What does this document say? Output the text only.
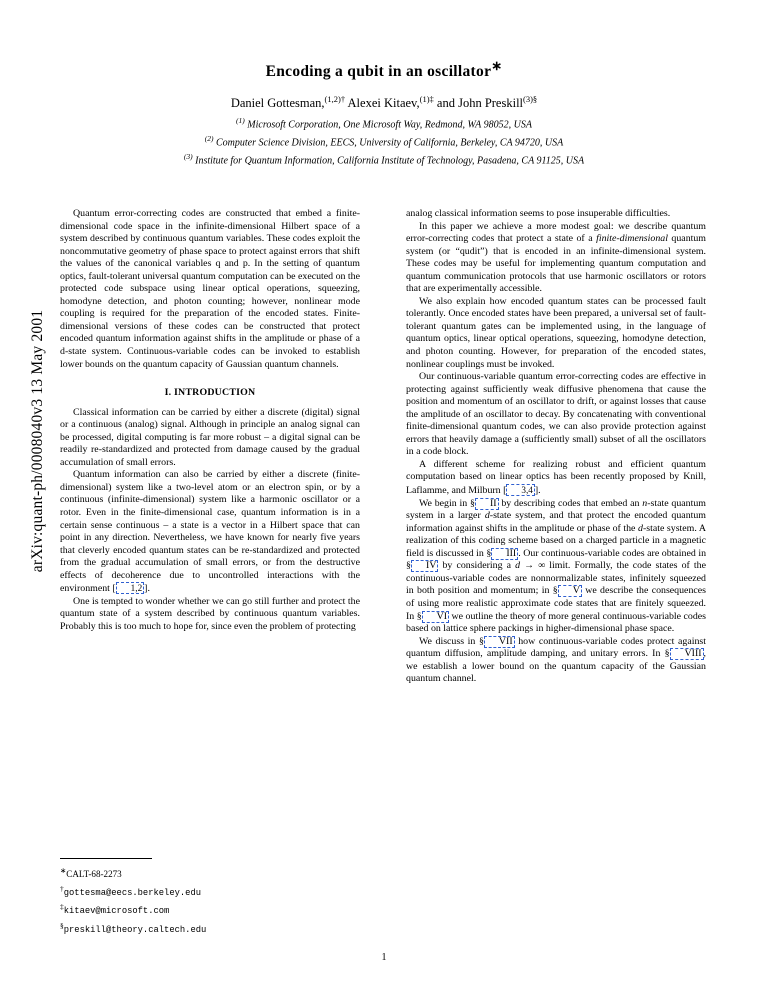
arXiv:quant-ph/0008040v3 13 May 2001
Encoding a qubit in an oscillator∗
Daniel Gottesman,$^{(1,2)\dagger}$ Alexei Kitaev,$^{(1)\ddagger}$ and John Preskill$^{(3)\S}$
$^{(1)}$ Microsoft Corporation, One Microsoft Way, Redmond, WA 98052, USA
$^{(2)}$ Computer Science Division, EECS, University of California, Berkeley, CA 94720, USA
$^{(3)}$ Institute for Quantum Information, California Institute of Technology, Pasadena, CA 91125, USA

Quantum error-correcting codes are constructed that embed a finite-dimensional code space in the infinite-dimensional Hilbert space of a system described by continuous quantum variables. These codes exploit the noncommutative geometry of phase space to protect against errors that shift the values of the canonical variables q and p. In the setting of quantum optics, fault-tolerant universal quantum computation can be executed on the protected code subspace using linear optical operations, squeezing, homodyne detection, and photon counting; however, nonlinear mode coupling is required for the preparation of the encoded states. Finite-dimensional versions of these codes can be constructed that protect encoded quantum information against shifts in the amplitude or phase of a d-state system. Continuous-variable codes can be invoked to establish lower bounds on the quantum capacity of Gaussian quantum channels.

I. INTRODUCTION

Classical information can be carried by either a discrete (digital) signal or a continuous (analog) signal. Although in principle an analog signal can be processed, digital computing is far more robust – a digital signal can be readily re-standardized and protected from damage caused by the gradual accumulation of small errors.

Quantum information can also be carried by either a discrete (finite-dimensional) system like a two-level atom or an electron spin, or by a continuous (infinite-dimensional) system like a harmonic oscillator or a rotor. Even in the finite-dimensional case, quantum information is in a certain sense continuous – a state is a vector in a Hilbert space that can point in any direction. Nevertheless, we have known for nearly five years that cleverly encoded quantum states can be re-standardized and protected from the gradual accumulation of small errors, or from the destructive effects of decoherence due to uncontrolled interactions with the environment [ 1,2 ].

One is tempted to wonder whether we can go still further and protect the quantum state of a system described by continuous quantum variables. Probably this is too much to hope for, since even the problem of protecting

analog classical information seems to pose insuperable difficulties.

In this paper we achieve a more modest goal: we describe quantum error-correcting codes that protect a state of a finite-dimensional quantum system (or “qudit”) that is encoded in an infinite-dimensional system. These codes may be useful for implementing quantum computation and quantum communication protocols that use harmonic oscillators or rotors that are experimentally accessible.

We also explain how encoded quantum states can be processed fault tolerantly. Once encoded states have been prepared, a universal set of fault-tolerant quantum gates can be implemented using, in the language of quantum optics, linear optical operations, squeezing, homodyne detection, and photon counting. However, for preparation of the encoded states, nonlinear couplings must be invoked.

Our continuous-variable quantum error-correcting codes are effective in protecting against sufficiently weak diffusive phenomena that cause the position and momentum of an oscillator to drift, or against losses that cause the amplitude of an oscillator to decay. By concatenating with conventional finite-dimensional quantum codes, we can also provide protection against errors that heavily damage a (sufficiently small) subset of all the oscillators in a code block.

A different scheme for realizing robust and efficient quantum computation based on linear optics has been recently proposed by Knill, Laflamme, and Milburn [ 3,4 ].

We begin in § II by describing codes that embed an n-state quantum system in a larger d-state system, and that protect the encoded quantum information against shifts in the amplitude or phase of the d-state system. A realization of this coding scheme based on a charged particle in a magnetic field is discussed in § III . Our continuous-variable codes are obtained in § IV by considering a d → ∞ limit. Formally, the code states of the continuous-variable codes are nonnormalizable states, infinitely squeezed in both position and momentum; in § V we describe the consequences of using more realistic approximate code states that are finitely squeezed. In § VI we outline the theory of more general continuous-variable codes based on lattice sphere packings in higher-dimensional phase space.

We discuss in § VII how continuous-variable codes protect against quantum diffusion, amplitude damping, and unitary errors. In § VIII , we establish a lower bound on the quantum capacity of the Gaussian quantum channel.

∗CALT-68-2273
†gottesma@eecs.berkeley.edu
‡kitaev@microsoft.com
§preskill@theory.caltech.edu
1
